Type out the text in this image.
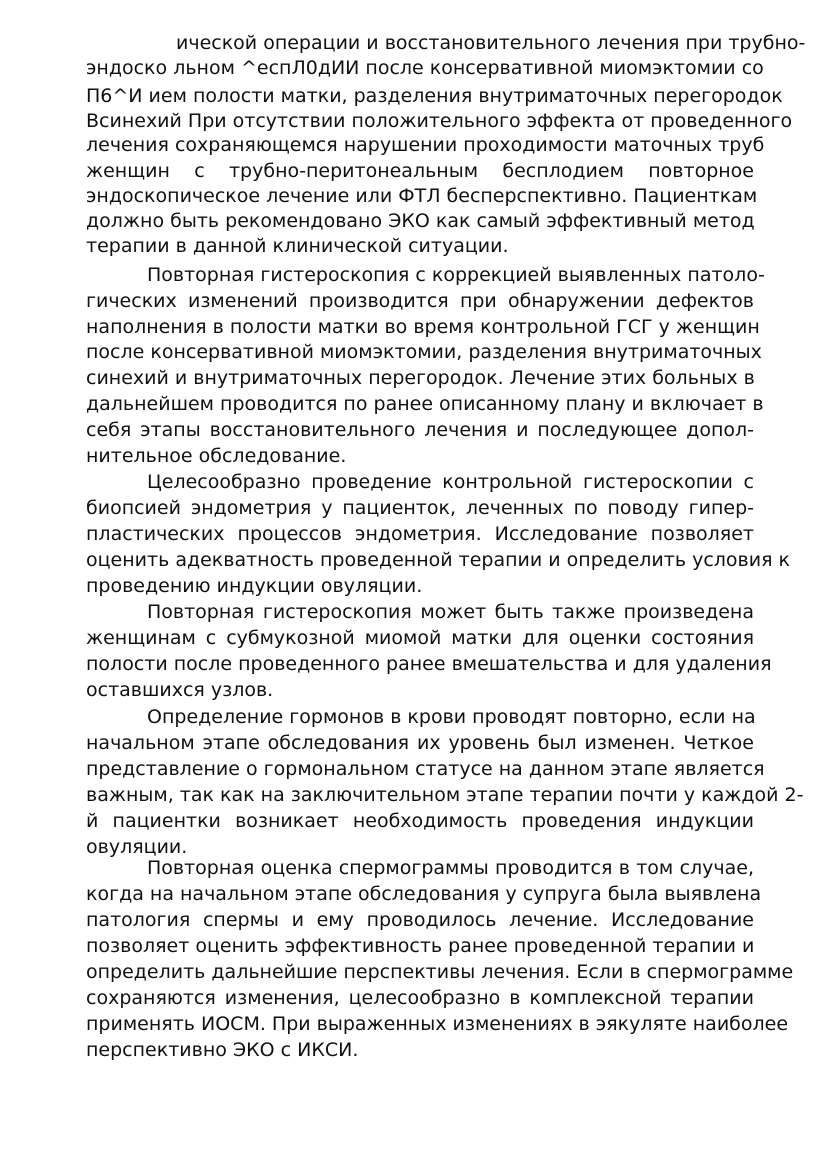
ической операции и восстановительного лечения при трубно-
эндоско льном ^еспЛ0дИИ после консервативной миомэктомии со
П6^И ием полости матки, разделения внутриматочных перегородок
Всинехий При отсутствии положительного эффекта от проведенного
лечения сохраняющемся нарушении проходимости маточных труб
женщин с трубно-перитонеальным бесплодием повторное
эндоскопическое лечение или ФТЛ бесперспективно. Пациенткам
должно быть рекомендовано ЭКО как самый эффективный метод
терапии в данной клинической ситуации.
Повторная гистероскопия с коррекцией выявленных патоло-
гических изменений производится при обнаружении дефектов
наполнения в полости матки во время контрольной ГСГ у женщин
после консервативной миомэктомии, разделения внутриматочных
синехий и внутриматочных перегородок. Лечение этих больных в
дальнейшем проводится по ранее описанному плану и включает в
себя этапы восстановительного лечения и последующее допол-
нительное обследование.
Целесообразно проведение контрольной гистероскопии с
биопсией эндометрия у пациенток, леченных по поводу гипер-
пластических процессов эндометрия. Исследование позволяет
оценить адекватность проведенной терапии и определить условия к
проведению индукции овуляции.
Повторная гистероскопия может быть также произведена
женщинам с субмукозной миомой матки для оценки состояния
полости после проведенного ранее вмешательства и для удаления
оставшихся узлов.
Определение гормонов в крови проводят повторно, если на
начальном этапе обследования их уровень был изменен. Четкое
представление о гормональном статусе на данном этапе является
важным, так как на заключительном этапе терапии почти у каждой 2-
й пациентки возникает необходимость проведения индукции
овуляции.
Повторная оценка спермограммы проводится в том случае,
когда на начальном этапе обследования у супруга была выявлена
патология спермы и ему проводилось лечение. Исследование
позволяет оценить эффективность ранее проведенной терапии и
определить дальнейшие перспективы лечения. Если в спермограмме
сохраняются изменения, целесообразно в комплексной терапии
применять ИОСМ. При выраженных изменениях в эякуляте наиболее
перспективно ЭКО с ИКСИ.
